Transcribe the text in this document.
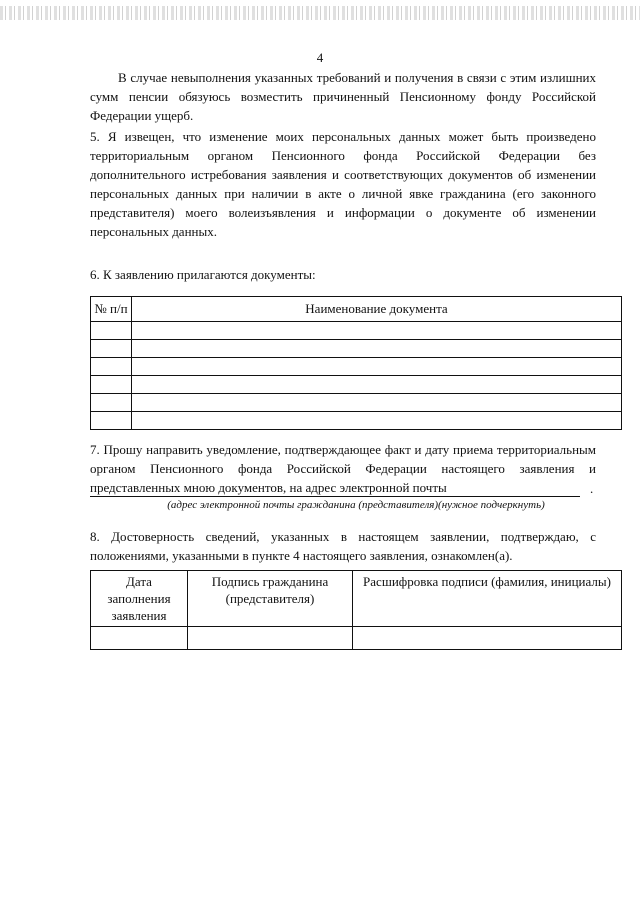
4
В случае невыполнения указанных требований и получения в связи с этим излишних сумм пенсии обязуюсь возместить причиненный Пенсионному фонду Российской Федерации ущерб.
5. Я извещен, что изменение моих персональных данных может быть произведено территориальным органом Пенсионного фонда Российской Федерации без дополнительного истребования заявления и соответствующих документов об изменении персональных данных при наличии в акте о личной явке гражданина (его законного представителя) моего волеизъявления и информации о документе об изменении персональных данных.
6. К заявлению прилагаются документы:
№ п/п	Наименование документа

7. Прошу направить уведомление, подтверждающее факт и дату приема территориальным органом Пенсионного фонда Российской Федерации настоящего заявления и представленных мною документов, на адрес электронной почты	.
(адрес электронной почты гражданина (представителя)(нужное подчеркнуть)
8. Достоверность сведений, указанных в настоящем заявлении, подтверждаю, с положениями, указанными в пункте 4 настоящего заявления, ознакомлен(а).
Дата заполнения заявления	Подпись гражданина (представителя)	Расшифровка подписи (фамилия, инициалы)
